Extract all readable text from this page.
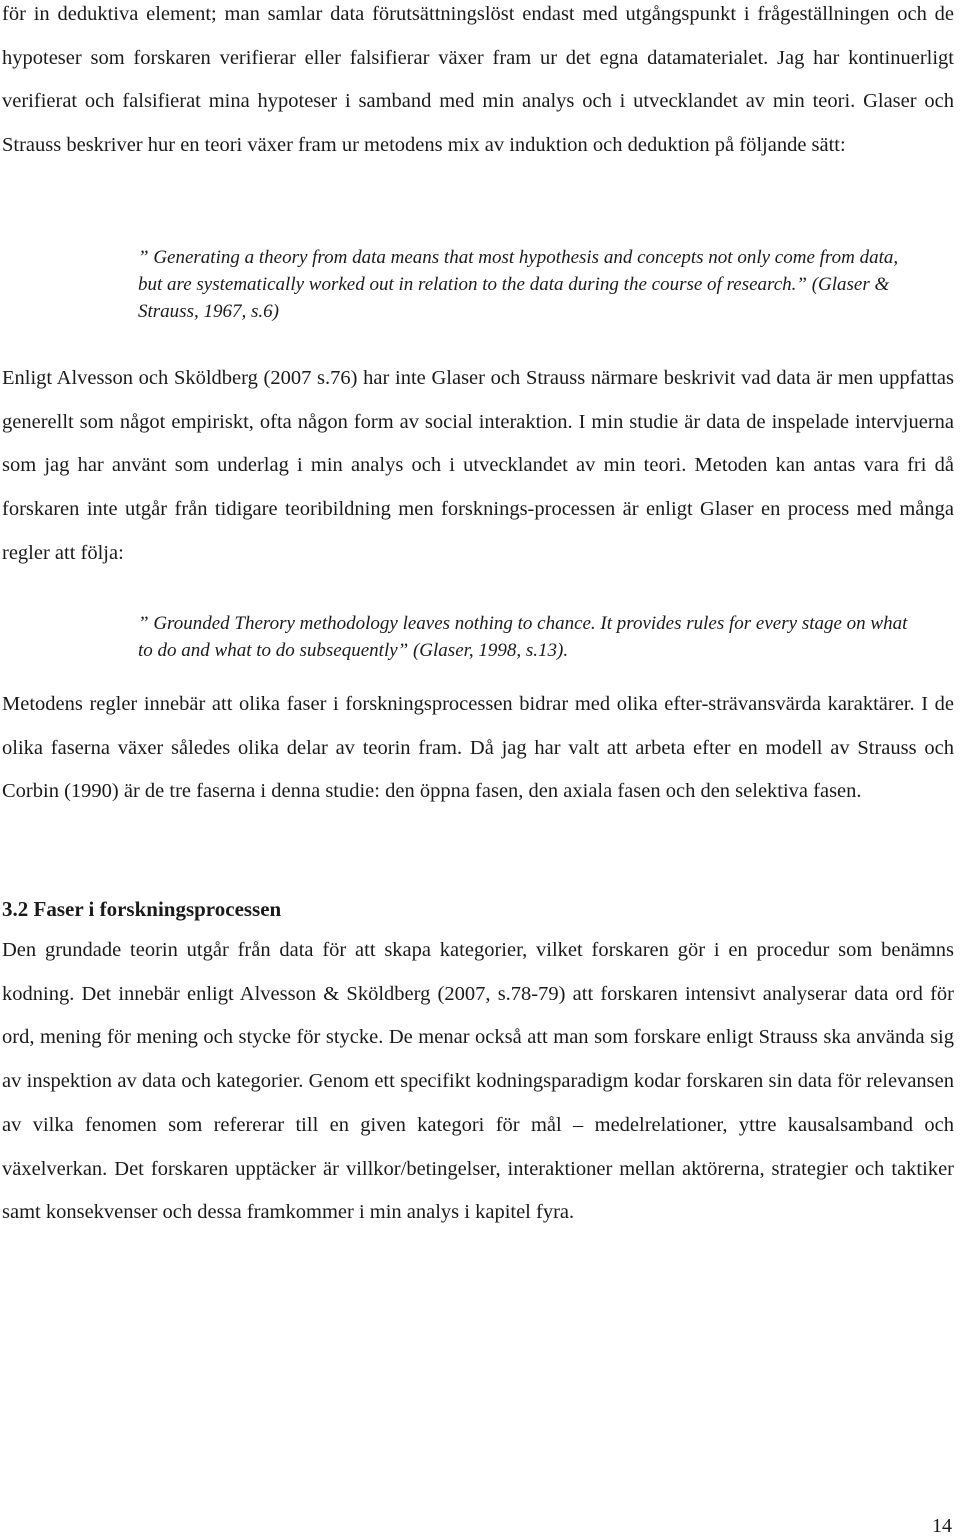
för in deduktiva element; man samlar data förutsättningslöst endast med utgångspunkt i frågeställningen och de hypoteser som forskaren verifierar eller falsifierar växer fram ur det egna datamaterialet. Jag har kontinuerligt verifierat och falsifierat mina hypoteser i samband med min analys och i utvecklandet av min teori. Glaser och Strauss beskriver hur en teori växer fram ur metodens mix av induktion och deduktion på följande sätt:

” Generating a theory from data means that most hypothesis and concepts not only come from data, but are systematically worked out in relation to the data during the course of research.” (Glaser & Strauss, 1967, s.6)

Enligt Alvesson och Sköldberg (2007 s.76) har inte Glaser och Strauss närmare beskrivit vad data är men uppfattas generellt som något empiriskt, ofta någon form av social interaktion. I min studie är data de inspelade intervjuerna som jag har använt som underlag i min analys och i utvecklandet av min teori. Metoden kan antas vara fri då forskaren inte utgår från tidigare teoribildning men forsknings-processen är enligt Glaser en process med många regler att följa:

” Grounded Therory methodology leaves nothing to chance. It provides rules for every stage on what to do and what to do subsequently” (Glaser, 1998, s.13).

Metodens regler innebär att olika faser i forskningsprocessen bidrar med olika efter-strävansvärda karaktärer. I de olika faserna växer således olika delar av teorin fram. Då jag har valt att arbeta efter en modell av Strauss och Corbin (1990) är de tre faserna i denna studie: den öppna fasen, den axiala fasen och den selektiva fasen.

3.2 Faser i forskningsprocessen

Den grundade teorin utgår från data för att skapa kategorier, vilket forskaren gör i en procedur som benämns kodning. Det innebär enligt Alvesson & Sköldberg (2007, s.78-79) att forskaren intensivt analyserar data ord för ord, mening för mening och stycke för stycke. De menar också att man som forskare enligt Strauss ska använda sig av inspektion av data och kategorier. Genom ett specifikt kodningsparadigm kodar forskaren sin data för relevansen av vilka fenomen som refererar till en given kategori för mål – medelrelationer, yttre kausalsamband och växelverkan. Det forskaren upptäcker är villkor/betingelser, interaktioner mellan aktörerna, strategier och taktiker samt konsekvenser och dessa framkommer i min analys i kapitel fyra.

14
